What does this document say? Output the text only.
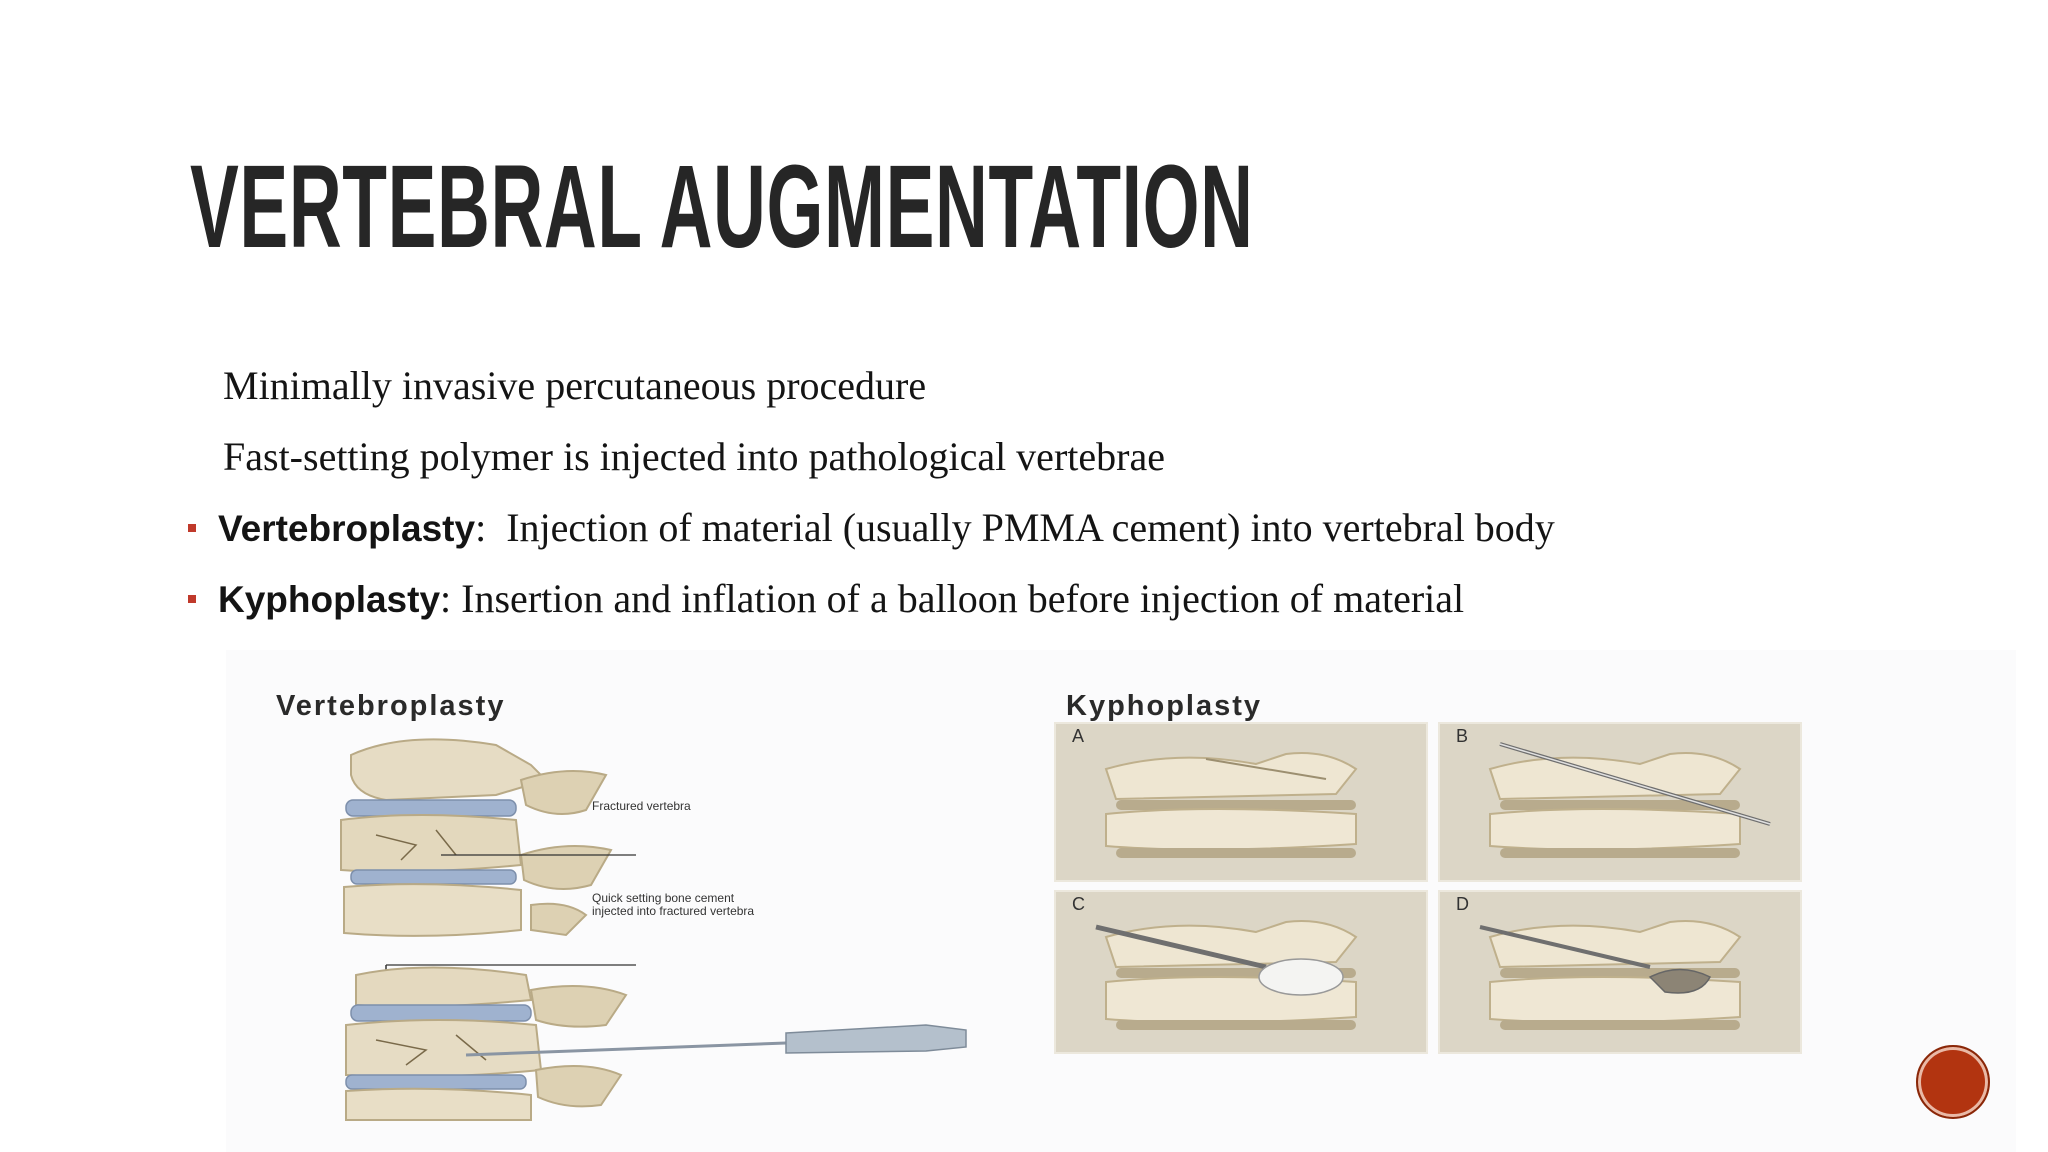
VERTEBRAL AUGMENTATION
Minimally invasive percutaneous procedure
Fast-setting polymer is injected into pathological vertebrae
Vertebroplasty:  Injection of material (usually PMMA cement) into vertebral body
Kyphoplasty: Insertion and inflation of a balloon before injection of material
Vertebroplasty
Fractured vertebra
Quick setting bone cement
injected into fractured vertebra
Kyphoplasty
A	B
C	D
